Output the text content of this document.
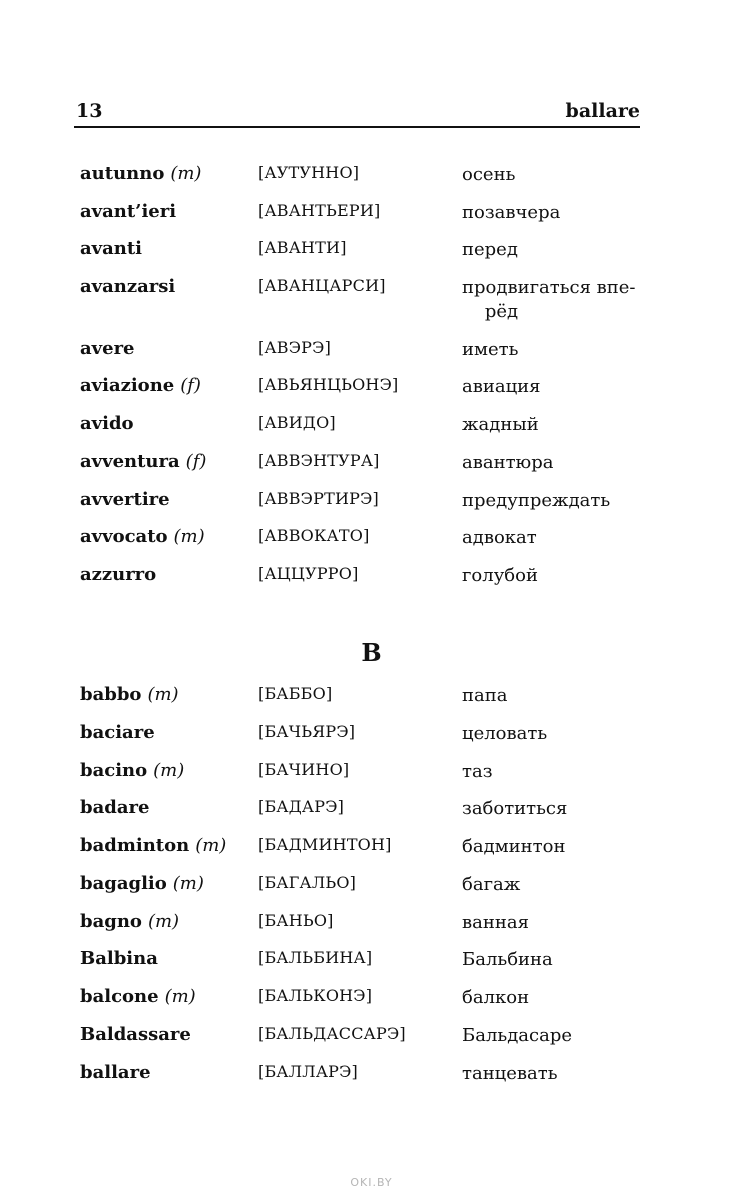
13	ballare
autunno (m)	[АУТУННО]	осень
avant’ieri	[АВАНТЬЕРИ]	позавчера
avanti	[АВАНТИ]	перед
avanzarsi	[АВАНЦАРСИ]	продвигаться впе-    рёд
avere	[АВЭРЭ]	иметь
aviazione (f)	[АВЬЯНЦЬОНЭ]	авиация
avido	[АВИДО]	жадный
avventura (f)	[АВВЭНТУРА]	авантюра
avvertire	[АВВЭРТИРЭ]	предупреждать
avvocato (m)	[АВВОКАТО]	адвокат
azzurro	[АЦЦУРРО]	голубой
B
babbo (m)	[БАББО]	папа
baciare	[БАЧЬЯРЭ]	целовать
bacino (m)	[БАЧИНО]	таз
badare	[БАДАРЭ]	заботиться
badminton (m) [БАДМИНТОН]	бадминтон
bagaglio (m)	[БАГАЛЬО]	багаж
bagno (m)	[БАНЬО]	ванная
Balbina	[БАЛЬБИНА]	Бальбина
balcone (m)	[БАЛЬКОНЭ]	балкон
Baldassare	[БАЛЬДАССАРЭ]	Бальдасаре
ballare	[БАЛЛАРЭ]	танцевать
OKI.BY
